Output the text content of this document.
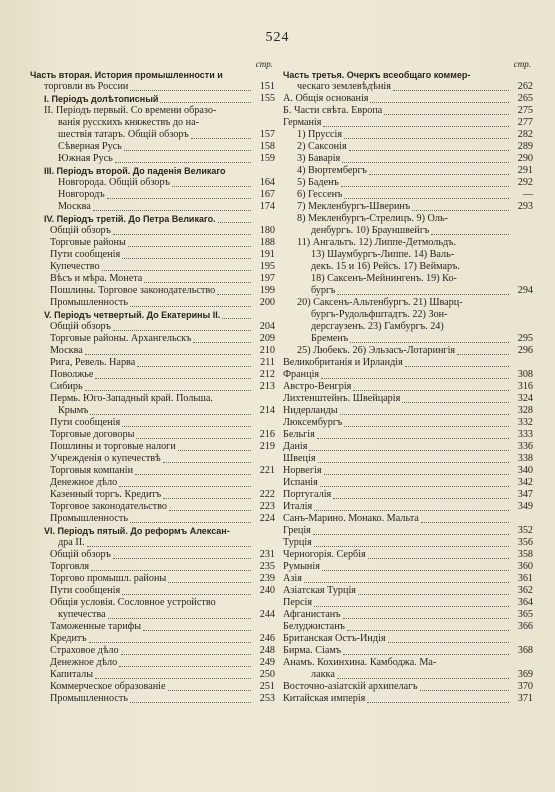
524
стр.
Часть вторая. История промышленности и
торговли въ России	151
I. Періодъ долѣтописный	155
II. Періодъ первый. Со времени образо-
ванія русскихъ княжествъ до на-
шествія татаръ. Общій обзоръ	157
Сѣверная Русь	158
Южная Русь	159
III. Періодъ второй. До паденія Великаго
Новгорода. Общій обзоръ	164
Новгородъ	167
Москва	174
IV. Періодъ третій. До Петра Великаго.
Общій обзоръ	180
Торговые районы	188
Пути сообщенія	191
Купечество	195
Вѣсъ и мѣра. Монета	197
Пошлины. Торговое законодательство	199
Промышленность	200
V. Періодъ четвертый. До Екатерины II.
Общій обзоръ	204
Торговые районы. Архангельскъ	209
Москва	210
Рига, Ревель. Нарва	211
Поволжье	212
Сибирь	213
Пермь. Юго-Западный край. Польша.
Крымъ	214
Пути сообщенія
Торговые договоры	216
Пошлины и торговые налоги	219
Учрежденія о купечествѣ
Торговыя компаніи	221
Денежное дѣло
Казенный торгъ. Кредитъ	222
Торговое законодательство	223
Промышленность	224
VI. Періодъ пятый. До реформъ Алексан-
дра II.
Общій обзоръ	231
Торговля	235
Торгово промышл. районы	239
Пути сообщенія	240
Общія условія. Сословное устройство
купечества	244
Таможенные тарифы
Кредитъ	246
Страховое дѣло	248
Денежное дѣло	249
Капиталы	250
Коммерческое образованіе	251
Промышленность	253
стр.
Часть третья. Очеркъ всеобщаго коммер-
ческаго землевѣдѣнія	262
А. Общія основанія	265
Б. Части свѣта. Европа	275
Германія	277
1) Пруссія	282
2) Саксонія	289
3) Баварія	290
4) Вюртембергъ	291
5) Баденъ	292
6) Гессенъ	—
7) Мекленбургъ-Шверинъ	293
8) Мекленбургъ-Стрелицъ. 9) Оль-
денбургъ. 10) Брауншвейгъ
11) Ангальтъ. 12) Липпе-Детмольдъ.
13) Шаумбургъ-Липпе. 14) Валь-
декъ. 15 и 16) Рейсъ. 17) Веймаръ.
18) Саксенъ-Мейнингенъ. 19) Ко-
бургъ	294
20) Саксенъ-Альтенбургъ. 21) Шварц-
бургъ-Рудольфштадтъ. 22) Зон-
дерсгаузенъ. 23) Гамбургъ. 24)
Бременъ	295
25) Любекъ. 26) Эльзасъ-Лотарингія	296
Великобританія и Ирландія
Франція	308
Австро-Венгрія	316
Лихтенштейнъ. Швейцарія	324
Нидерланды	328
Люксембургъ	332
Бельгія	333
Данія	336
Швеція	338
Норвегія	340
Испанія	342
Португалія	347
Италія	349
Санъ-Марино. Монако. Мальта
Греція	352
Турція	356
Черногорія. Сербія	358
Румынія	360
Азія	361
Азіатская Турція	362
Персія	364
Афганистанъ	365
Белуджистанъ	366
Британская Остъ-Индія
Бирма. Сіамъ	368
Анамъ. Кохинхина. Камбоджа. Ма-
лакка	369
Восточно-азіатскій архипелагъ	370
Китайская имперія	371
